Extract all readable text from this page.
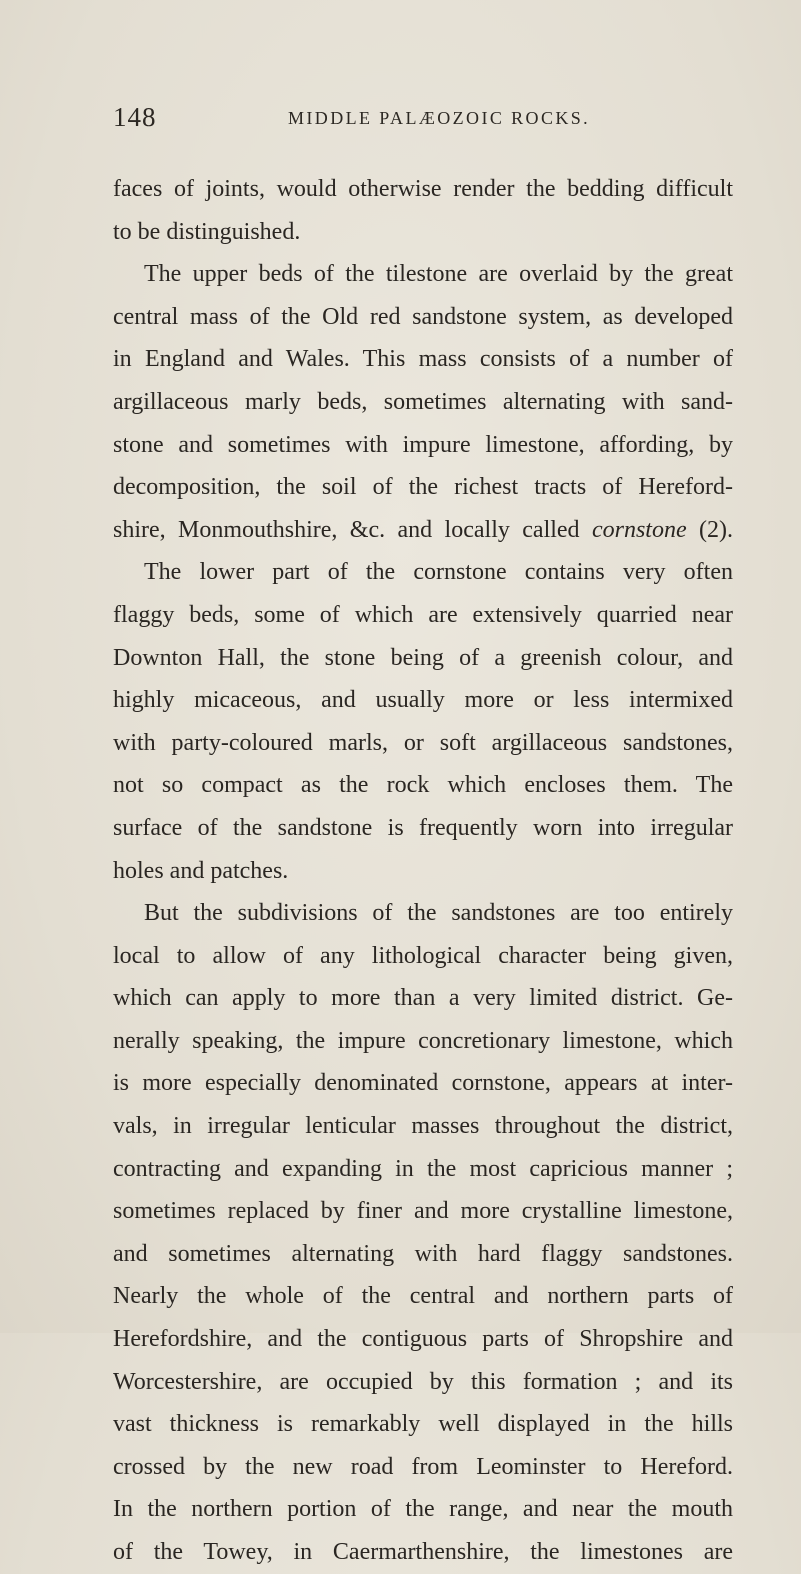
148	MIDDLE PALÆOZOIC ROCKS.
faces of joints, would otherwise render the bedding difficult
to be distinguished.
The upper beds of the tilestone are overlaid by the great
central mass of the Old red sandstone system, as developed
in England and Wales. This mass consists of a number of
argillaceous marly beds, sometimes alternating with sand-
stone and sometimes with impure limestone, affording, by
decomposition, the soil of the richest tracts of Hereford-
shire, Monmouthshire, &c. and locally called cornstone (2).
The lower part of the cornstone contains very often
flaggy beds, some of which are extensively quarried near
Downton Hall, the stone being of a greenish colour, and
highly micaceous, and usually more or less intermixed
with party-coloured marls, or soft argillaceous sandstones,
not so compact as the rock which encloses them. The
surface of the sandstone is frequently worn into irregular
holes and patches.
But the subdivisions of the sandstones are too entirely
local to allow of any lithological character being given,
which can apply to more than a very limited district. Ge-
nerally speaking, the impure concretionary limestone, which
is more especially denominated cornstone, appears at inter-
vals, in irregular lenticular masses throughout the district,
contracting and expanding in the most capricious manner ;
sometimes replaced by finer and more crystalline limestone,
and sometimes alternating with hard flaggy sandstones.
Nearly the whole of the central and northern parts of
Herefordshire, and the contiguous parts of Shropshire and
Worcestershire, are occupied by this formation ; and its
vast thickness is remarkably well displayed in the hills
crossed by the new road from Leominster to Hereford.
In the northern portion of the range, and near the mouth
of the Towey, in Caermarthenshire, the limestones are
